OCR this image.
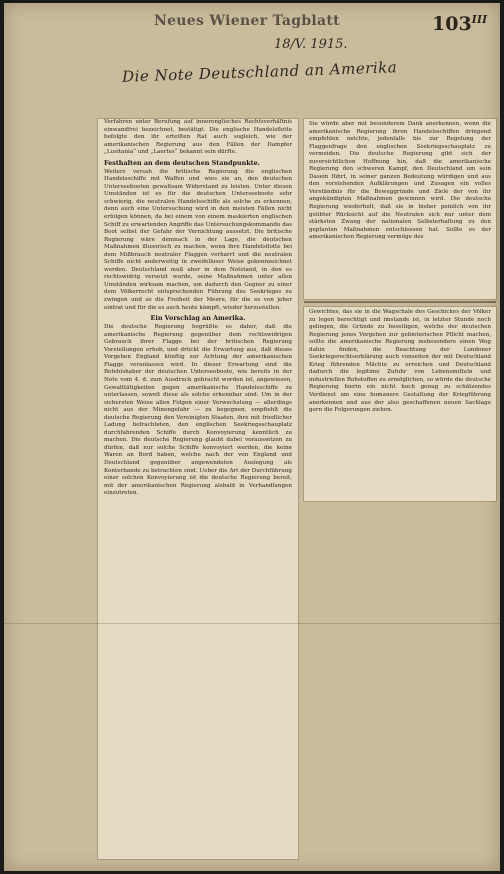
Neues Wiener Tagblatt	$103^{III}$
18/V. 1915.
Die Note Deutschland an Amerika

Verfahren unter Berufung auf innerenglisches Rechtsverhältnis einwandfrei bezeichnet, bestätigt. Die englische Handelsflotte befolgte den ihr erteilten Rat auch sogleich, wie der amerikanischen Regierung aus den Fällen der Dampfer „Lusitania“ und „Laertes“ bekannt sein dürfte.

Festhalten an dem deutschen Standpunkte.

Weiters versah die britische Regierung die englischen Handelsschiffe mit Waffen und wies sie an, den deutschen Unterseebooten gewaltsam Widerstand zu leisten. Unter diesen Umständen ist es für die deutschen Unterseeboote sehr schwierig, die neutralen Handelsschiffe als solche zu erkennen, denn auch eine Untersuchung wird in den meisten Fällen nicht erfolgen können, da bei einem von einem maskierten englischen Schiff zu erwartenden Angriffe das Untersuchungskommando das Boot selbst der Gefahr der Vernichtung aussetzt. Die britische Regierung wäre demnach in der Lage, die deutschen Maßnahmen illusorisch zu machen, wenn ihre Handelsflotte bei dem Mißbrauch neutraler Flaggen verharrt und die neutralen Schiffe nicht anderweitig in zweifelloser Weise gekennzeichnet werden. Deutschland muß aber in dem Notstand, in den es rechtswidrig versetzt wurde, seine Maßnahmen unter allen Umständen wirksam machen, um dadurch den Gegner zu einer dem Völkerrecht entsprechenden Führung des Seekrieges zu zwingen und so die Freiheit der Meere, für die es von jeher eintrat und für die es auch heute kämpft, wieder herzustellen.

Ein Vorschlag an Amerika.

Die deutsche Regierung begrüßte es daher, daß die amerikanische Regierung gegenüber dem rechtswidrigen Gebrauch ihrer Flagge bei der britischen Regierung Vorstellungen erhob, und drückt die Erwartung aus, daß dieses Vorgehen England künftig zur Achtung der amerikanischen Flagge veranlassen wird. In dieser Erwartung sind die Befehlshaber der deutschen Unterseeboote, wie bereits in der Note vom 4. d. zum Ausdruck gebracht worden ist, angewiesen, Gewalttätigkeiten gegen amerikanische Handelsschiffe zu unterlassen, soweit diese als solche erkennbar sind. Um in der sichersten Weise allen Folgen einer Verwechslung — allerdings nicht aus der Minengefahr — zu begegnen, empfiehlt die deutsche Regierung den Vereinigten Staaten, ihre mit friedlicher Ladung befrachteten, den englischen Seekriegsschauplatz durchfahrenden Schiffe durch Konvoyierung kenntlich zu machen. Die deutsche Regierung glaubt dabei voraussetzen zu dürfen, daß nur solche Schiffe konvoyiert werden, die keine Waren an Bord haben, welche nach der von England und Deutschland gegenüber angewendeten Auslegung als Konterbande zu betrachten sind. Ueber die Art der Durchführung einer solchen Konvoyierung ist die deutsche Regierung bereit, mit der amerikanischen Regierung alsbald in Verhandlungen einzutreten.

Sie würde aber mit besonderem Dank anerkennen, wenn die amerikanische Regierung ihren Handelsschiffen dringend empfehlen möchte, jedenfalls bis zur Regelung der Flaggenfrage den englischen Seekriegsschauplatz zu vermeiden. Die deutsche Regierung gibt sich der zuversichtlichen Hoffnung hin, daß die amerikanische Regierung den schweren Kampf, den Deutschland um sein Dasein führt, in seiner ganzen Bedeutung würdigen und aus den vorstehenden Aufklärungen und Zusagen ein volles Verständnis für die Beweggründe und Ziele der von ihr angekündigten Maßnahmen gewinnen wird. Die deutsche Regierung wiederholt, daß sie in bisher peinlich von ihr geübter Rücksicht auf die Neutralen sich nur unter dem stärksten Zwang der nationalen Selbsterhaltung zu den geplanten Maßnahmen entschlossen hat. Sollte es der amerikanischen Regierung vermöge des

Gewichtes, das sie in die Wagschale des Geschickes der Völker zu legen berechtigt und imstande ist, in letzter Stunde noch gelingen, die Gründe zu beseitigen, welche der deutschen Regierung jenes Vorgehen zur gebieterischen Pflicht machen, sollte die amerikanische Regierung insbesondere einen Weg dahin finden, die Beachtung der Londoner Seekriegsrechtserklärung auch vonseiten der mit Deutschland Krieg führenden Mächte zu erreichen und Deutschland dadurch die legitime Zufuhr von Lebensmitteln und industriellen Rohstoffen zu ermöglichen, so würde die deutsche Regierung hierin ein nicht hoch genug zu schätzendes Verdienst um eine humanere Gestaltung der Kriegführung anerkennen und aus der also geschaffenen neuen Sachlage gern die Folgerungen ziehen.
